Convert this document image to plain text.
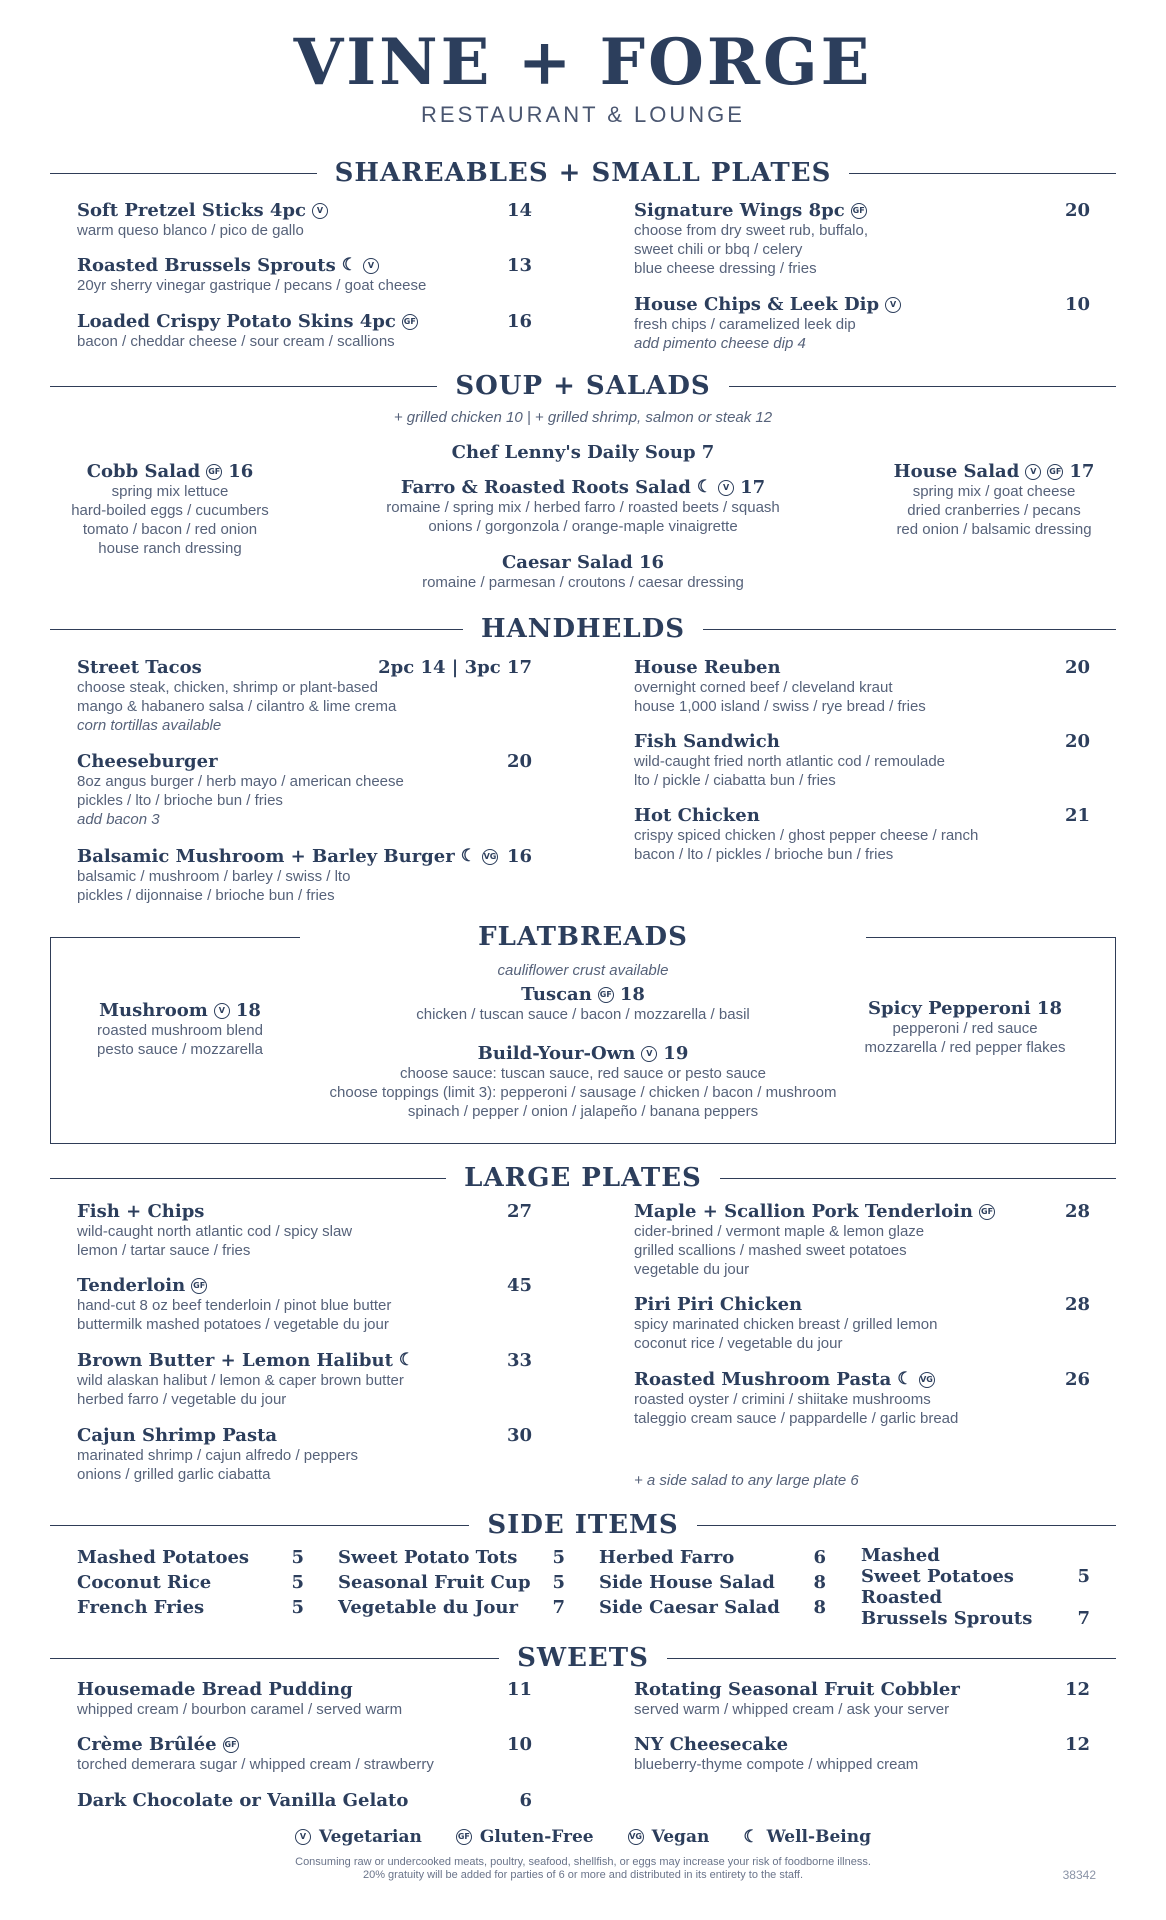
VINE + FORGE
RESTAURANT & LOUNGE
SHAREABLES + SMALL PLATES
Soft Pretzel Sticks 4pc	V	14
warm queso blanco / pico de gallo
Roasted Brussels Sprouts ☾	V	13
20yr sherry vinegar gastrique / pecans / goat cheese
Loaded Crispy Potato Skins 4pc GF	16
bacon / cheddar cheese / sour cream / scallions
Signature Wings 8pc GF	20
choose from dry sweet rub, buffalo,
sweet chili or bbq / celery
blue cheese dressing / fries
House Chips & Leek Dip	V	10
fresh chips / caramelized leek dip
add pimento cheese dip 4
SOUP + SALADS
+ grilled chicken 10 | + grilled shrimp, salmon or steak 12
Chef Lenny's Daily Soup 7
Cobb Salad GF 16
spring mix lettuce
hard-boiled eggs / cucumbers
tomato / bacon / red onion
house ranch dressing
Farro & Roasted Roots Salad ☾	V 17
romaine / spring mix / herbed farro / roasted beets / squash
onions / gorgonzola / orange-maple vinaigrette
House Salad	V	GF 17
spring mix / goat cheese
dried cranberries / pecans
red onion / balsamic dressing
Caesar Salad 16
romaine / parmesan / croutons / caesar dressing
HANDHELDS
Street Tacos	2pc 14 | 3pc 17
choose steak, chicken, shrimp or plant-based
mango & habanero salsa / cilantro & lime crema
corn tortillas available
Cheeseburger	20
8oz angus burger / herb mayo / american cheese
pickles / lto / brioche bun / fries
add bacon 3
Balsamic Mushroom + Barley Burger ☾ VG 16
balsamic / mushroom / barley / swiss / lto
pickles / dijonnaise / brioche bun / fries
House Reuben	20
overnight corned beef / cleveland kraut
house 1,000 island / swiss / rye bread / fries
Fish Sandwich	20
wild-caught fried north atlantic cod / remoulade
lto / pickle / ciabatta bun / fries
Hot Chicken	21
crispy spiced chicken / ghost pepper cheese / ranch
bacon / lto / pickles / brioche bun / fries
FLATBREADS
cauliflower crust available
Mushroom	V 18
roasted mushroom blend
pesto sauce / mozzarella
Tuscan GF 18
chicken / tuscan sauce / bacon / mozzarella / basil	Spicy Pepperoni 18
pepperoni / red sauce
mozzarella / red pepper flakes
Build-Your-Own	V 19
choose sauce: tuscan sauce, red sauce or pesto sauce
choose toppings (limit 3): pepperoni / sausage / chicken / bacon / mushroom
spinach / pepper / onion / jalapeño / banana peppers
LARGE PLATES
Fish + Chips	27
wild-caught north atlantic cod / spicy slaw
lemon / tartar sauce / fries
Tenderloin GF	45
hand-cut 8 oz beef tenderloin / pinot blue butter
buttermilk mashed potatoes / vegetable du jour
Brown Butter + Lemon Halibut ☾	33
wild alaskan halibut / lemon & caper brown butter
herbed farro / vegetable du jour
Cajun Shrimp Pasta	30
marinated shrimp / cajun alfredo / peppers
onions / grilled garlic ciabatta
Maple + Scallion Pork Tenderloin GF	28
cider-brined / vermont maple & lemon glaze
grilled scallions / mashed sweet potatoes
vegetable du jour
Piri Piri Chicken	28
spicy marinated chicken breast / grilled lemon
coconut rice / vegetable du jour
Roasted Mushroom Pasta ☾ VG	26
roasted oyster / crimini / shiitake mushrooms
taleggio cream sauce / pappardelle / garlic bread
+ a side salad to any large plate 6
SIDE ITEMS
Mashed Potatoes 5
Coconut Rice	5
French Fries	5
Sweet Potato Tots 5
Seasonal Fruit Cup 5
Vegetable du Jour 7
Herbed Farro	6
Side House Salad 8
Side Caesar Salad 8
Mashed
Sweet Potatoes	5
Roasted
Brussels Sprouts	7
SWEETS
Housemade Bread Pudding	11
whipped cream / bourbon caramel / served warm
Crème Brûlée GF	10
torched demerara sugar / whipped cream / strawberry
Dark Chocolate or Vanilla Gelato	6
Rotating Seasonal Fruit Cobbler	12
served warm / whipped cream / ask your server
NY Cheesecake	12
blueberry-thyme compote / whipped cream
V Vegetarian	GF Gluten-Free	VG Vegan ☾ Well-Being
Consuming raw or undercooked meats, poultry, seafood, shellfish, or eggs may increase your risk of foodborne illness.
20% gratuity will be added for parties of 6 or more and distributed in its entirety to the staff.	38342
